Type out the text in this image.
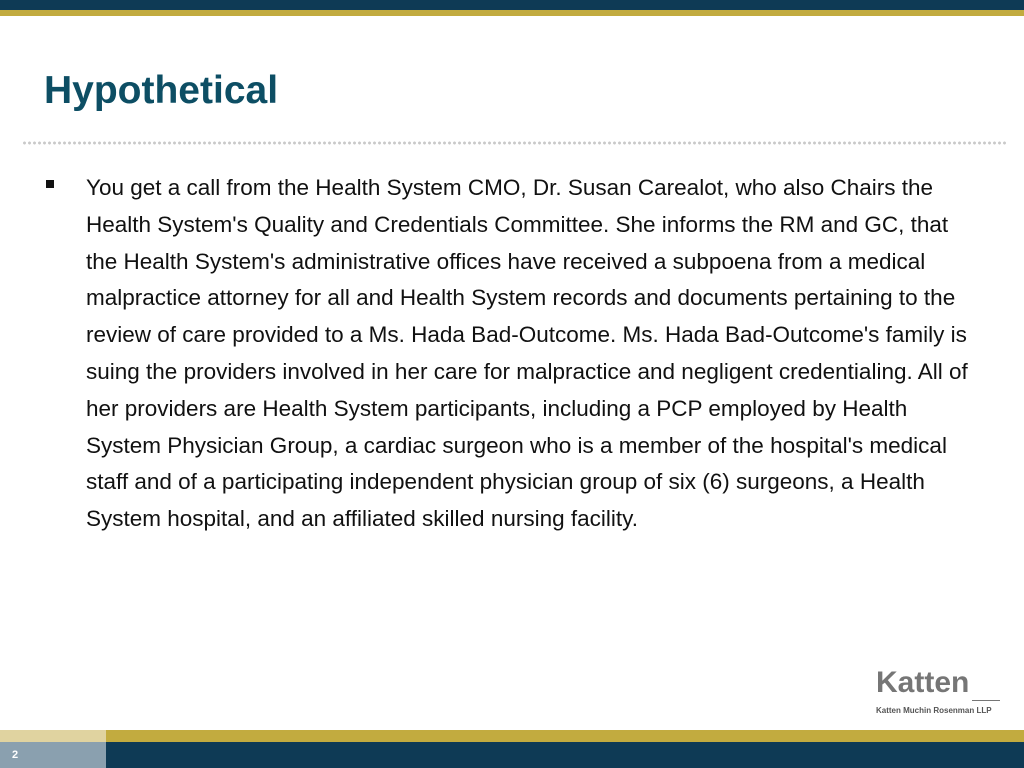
Hypothetical

You get a call from the Health System CMO, Dr. Susan Carealot, who also Chairs the Health System's Quality and Credentials Committee. She informs the RM and GC, that the Health System's administrative offices have received a subpoena from a medical malpractice attorney for all and Health System records and documents pertaining to the review of care provided to a Ms. Hada Bad-Outcome. Ms. Hada Bad-Outcome's family is suing the providers involved in her care for malpractice and negligent credentialing. All of her providers are Health System participants, including a PCP employed by Health System Physician Group, a cardiac surgeon who is a member of the hospital's medical staff and of a participating independent physician group of six (6) surgeons, a Health System hospital, and an affiliated skilled nursing facility.

Katten
Katten Muchin Rosenman LLP
2
